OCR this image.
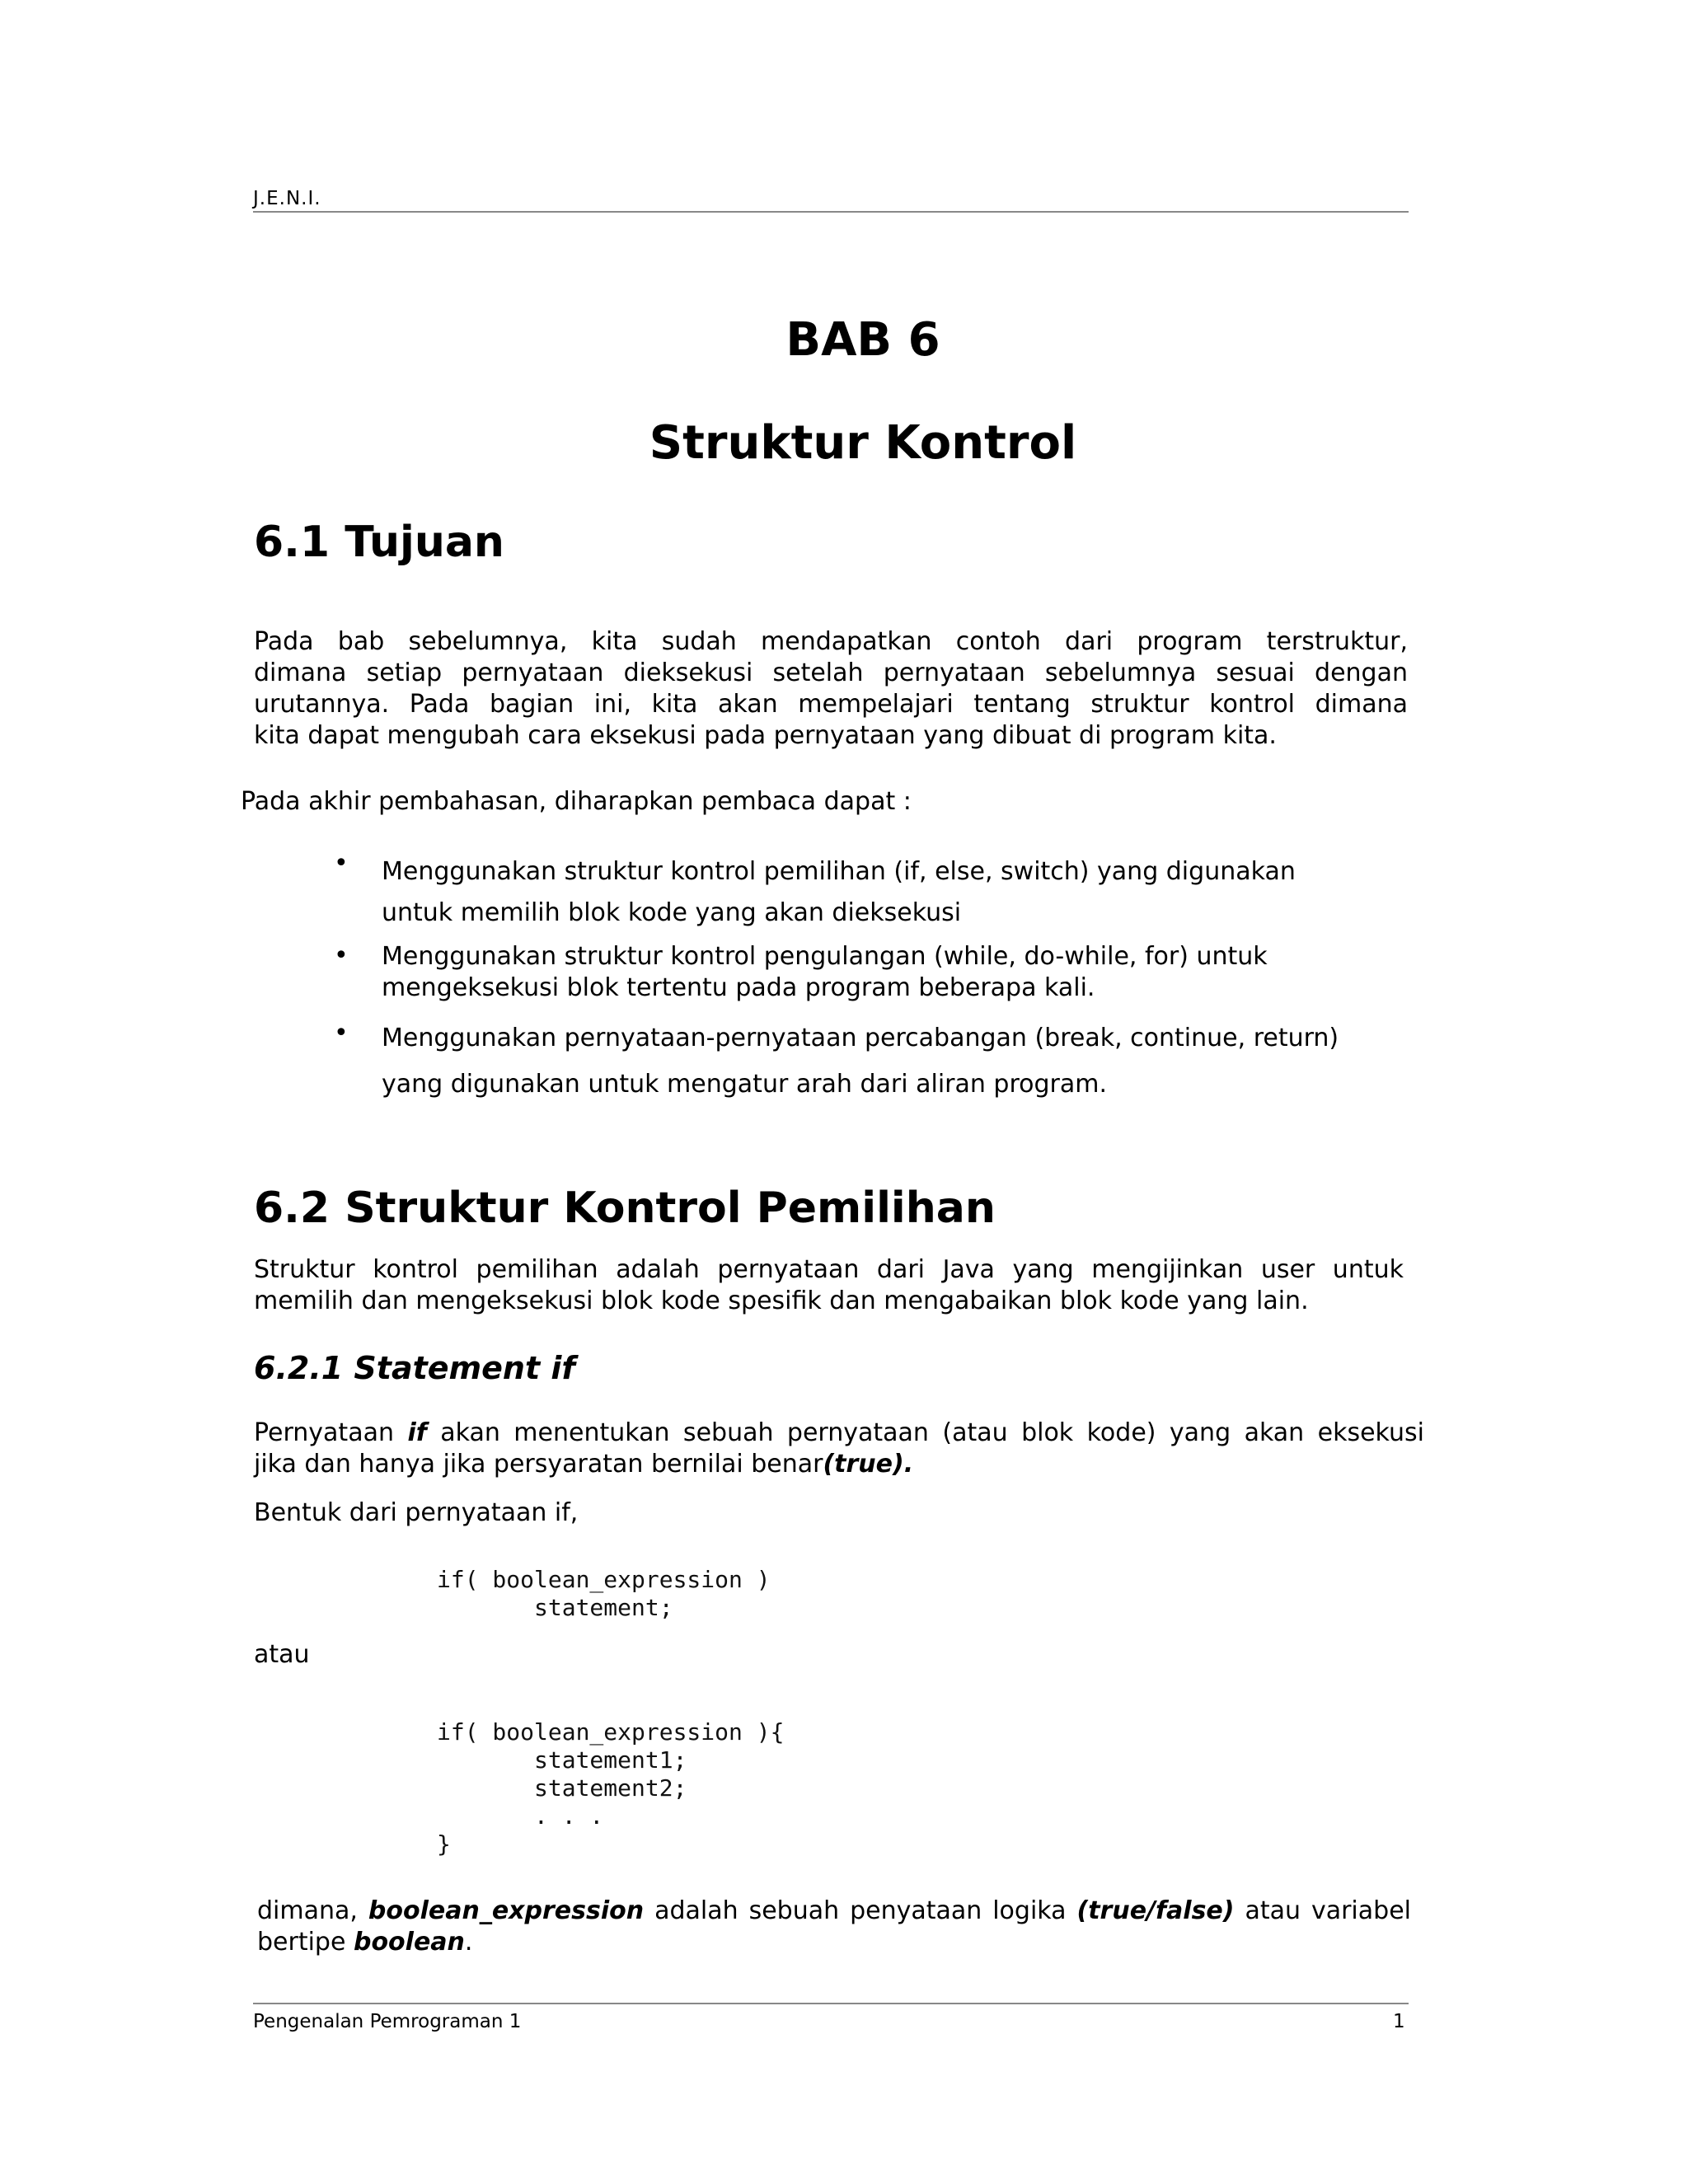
J.E.N.I.
BAB 6
Struktur Kontrol
6.1 Tujuan
Pada bab sebelumnya, kita sudah mendapatkan contoh dari program terstruktur,
dimana setiap pernyataan dieksekusi setelah pernyataan sebelumnya sesuai dengan
urutannya. Pada bagian ini, kita akan mempelajari tentang struktur kontrol dimana
kita dapat mengubah cara eksekusi pada pernyataan yang dibuat di program kita.
Pada akhir pembahasan, diharapkan pembaca dapat :
• Menggunakan struktur kontrol pemilihan (if, else, switch) yang digunakan
untuk memilih blok kode yang akan dieksekusi
• Menggunakan struktur kontrol pengulangan (while, do-while, for) untuk
mengeksekusi blok tertentu pada program beberapa kali.
• Menggunakan pernyataan-pernyataan percabangan (break, continue, return)
yang digunakan untuk mengatur arah dari aliran program.
6.2 Struktur Kontrol Pemilihan
Struktur kontrol pemilihan adalah pernyataan dari Java yang mengijinkan user untuk
memilih dan mengeksekusi blok kode spesifik dan mengabaikan blok kode yang lain.
6.2.1 Statement if
Pernyataan if akan menentukan sebuah pernyataan (atau blok kode) yang akan eksekusi
jika dan hanya jika persyaratan bernilai benar(true).
Bentuk dari pernyataan if,
if( boolean_expression )
statement;
atau
if( boolean_expression ){
statement1;
statement2;
. . .
}
dimana, boolean_expression adalah sebuah penyataan logika (true/false) atau variabel
bertipe boolean.
Pengenalan Pemrograman 1	1
